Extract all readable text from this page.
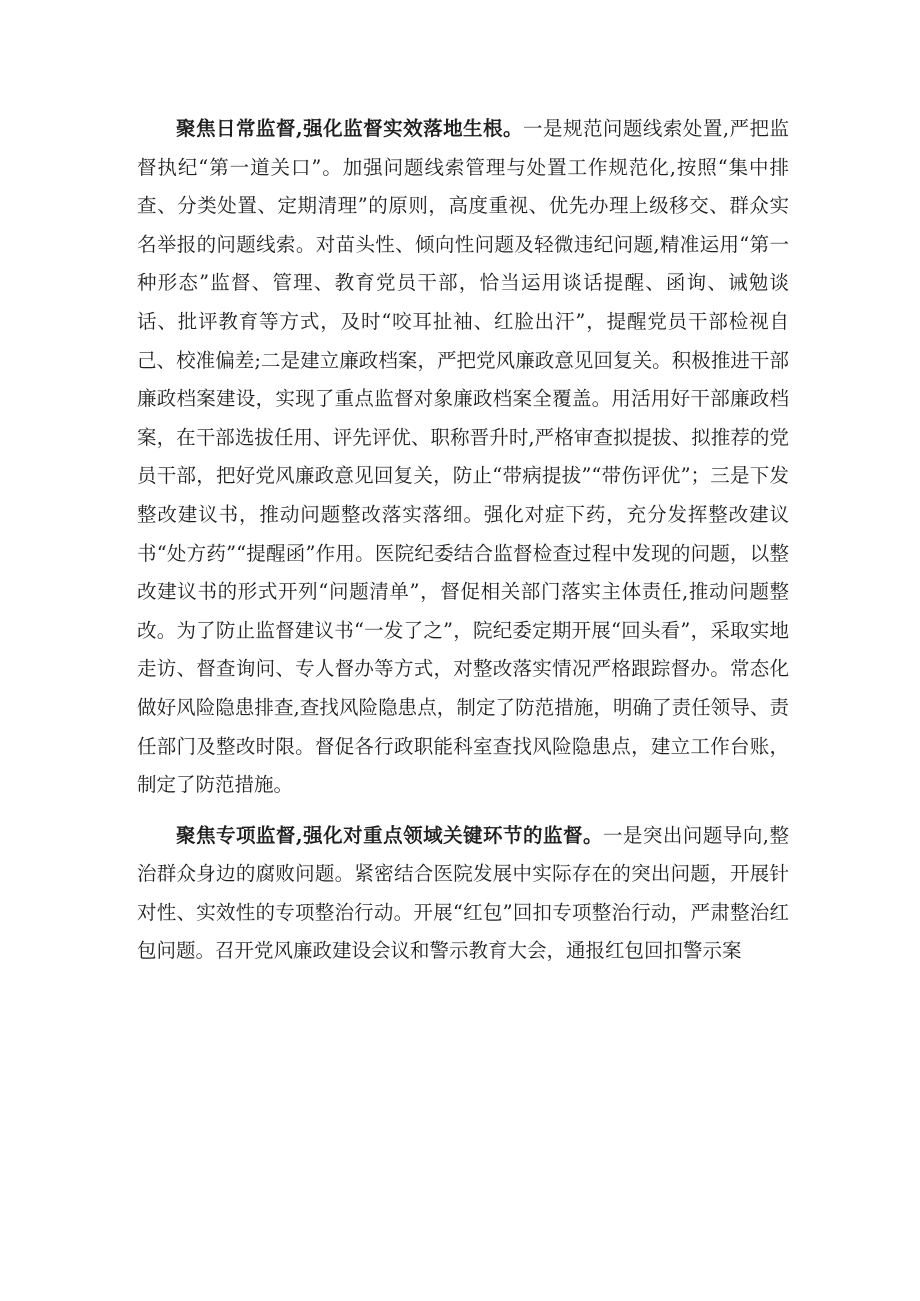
聚焦日常监督,强化监督实效落地生根。一是规范问题线索处置,严把监督执纪“第一道关口”。加强问题线索管理与处置工作规范化,按照“集中排查、分类处置、定期清理”的原则，高度重视、优先办理上级移交、群众实名举报的问题线索。对苗头性、倾向性问题及轻微违纪问题,精准运用“第一种形态”监督、管理、教育党员干部，恰当运用谈话提醒、函询、诫勉谈话、批评教育等方式，及时“咬耳扯袖、红脸出汗”，提醒党员干部检视自己、校准偏差;二是建立廉政档案，严把党风廉政意见回复关。积极推进干部廉政档案建设，实现了重点监督对象廉政档案全覆盖。用活用好干部廉政档案，在干部选拔任用、评先评优、职称晋升时,严格审查拟提拔、拟推荐的党员干部，把好党风廉政意见回复关，防止“带病提拔”“带伤评优”；三是下发整改建议书，推动问题整改落实落细。强化对症下药，充分发挥整改建议书“处方药”“提醒函”作用。医院纪委结合监督检查过程中发现的问题，以整改建议书的形式开列“问题清单”，督促相关部门落实主体责任,推动问题整改。为了防止监督建议书“一发了之”，院纪委定期开展“回头看”，采取实地走访、督查询问、专人督办等方式，对整改落实情况严格跟踪督办。常态化做好风险隐患排查,查找风险隐患点，制定了防范措施，明确了责任领导、责任部门及整改时限。督促各行政职能科室查找风险隐患点，建立工作台账，制定了防范措施。

聚焦专项监督,强化对重点领域关键环节的监督。一是突出问题导向,整治群众身边的腐败问题。紧密结合医院发展中实际存在的突出问题，开展针对性、实效性的专项整治行动。开展“红包”回扣专项整治行动，严肃整治红包问题。召开党风廉政建设会议和警示教育大会，通报红包回扣警示案
